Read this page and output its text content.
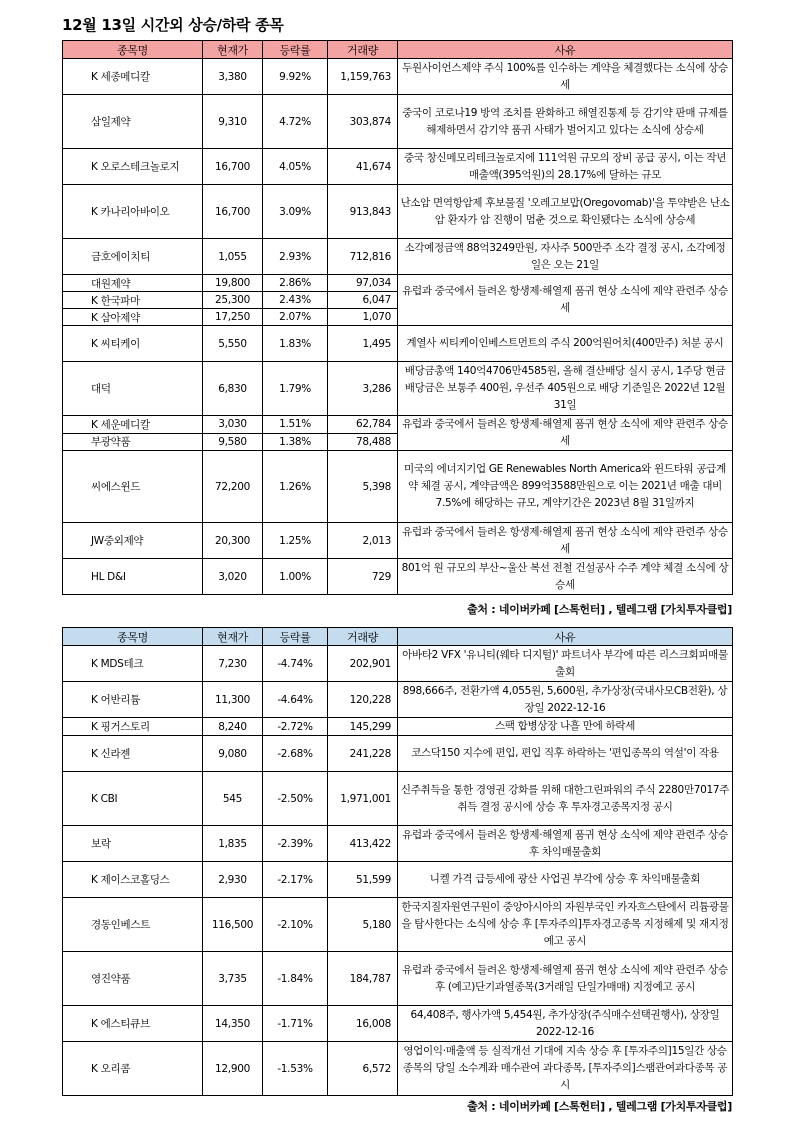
12월 13일 시간외 상승/하락 종목
종목명	현재가	등락률	거래량	사유
K 세종메디칼	3,380	9.92%	1,159,763	두원사이언스제약 주식 100%를 인수하는 계약을 체결했다는 소식에 상승세
삼일제약	9,310	4.72%	303,874	중국이 코로나19 방역 조치를 완화하고 해열진통제 등 감기약 판매 규제를 해제하면서 감기약 품귀 사태가 벌어지고 있다는 소식에 상승세
K 오로스테크놀로지	16,700	4.05%	41,674	중국 창신메모리테크놀로지에 111억원 규모의 장비 공급 공시, 이는 작년 매출액(395억원)의 28.17%에 달하는 규모
K 카나리아바이오	16,700	3.09%	913,843	난소암 면역항암제 후보물질 '오레고보맙(Oregovomab)'을 투약받은 난소암 환자가 암 진행이 멈춘 것으로 확인됐다는 소식에 상승세
금호에이치티	1,055	2.93%	712,816	소각예정금액 88억3249만원, 자사주 500만주 소각 결정 공시, 소각예정일은 오는 21일
대원제약	19,800	2.86%	97,034	유럽과 중국에서 들려온 항생제·해열제 품귀 현상 소식에 제약 관련주 상승세
K 한국파마	25,300	2.43%	6,047	
K 삼아제약	17,250	2.07%	1,070	
K 씨티케이	5,550	1.83%	1,495	계열사 씨티케이인베스트먼트의 주식 200억원어치(400만주) 처분 공시
대덕	6,830	1.79%	3,286	배당금총액 140억4706만4585원, 올해 결산배당 실시 공시, 1주당 현금 배당금은 보통주 400원, 우선주 405원으로 배당 기준일은 2022년 12월 31일
K 세운메디칼	3,030	1.51%	62,784	유럽과 중국에서 들려온 항생제·해열제 품귀 현상 소식에 제약 관련주 상승세
부광약품	9,580	1.38%	78,488	
씨에스윈드	72,200	1.26%	5,398	미국의 에너지기업 GE Renewables North America와 윈드타워 공급계약 체결 공시, 계약금액은 899억3588만원으로 이는 2021년 매출 대비 7.5%에 해당하는 규모, 계약기간은 2023년 8월 31일까지
JW중외제약	20,300	1.25%	2,013	유럽과 중국에서 들려온 항생제·해열제 품귀 현상 소식에 제약 관련주 상승세
HL D&I	3,020	1.00%	729	801억 원 규모의 부산~울산 복선 전철 건설공사 수주 계약 체결 소식에 상승세
출처 : 네이버카페 [스톡헌터] , 텔레그램 [가치투자클럽]
종목명	현재가	등락률	거래량	사유
K MDS테크	7,230	-4.74%	202,901	아바타2 VFX '유니티(웨타 디지털)' 파트너사 부각에 따른 리스크회피매물출회
K 어반리튬	11,300	-4.64%	120,228	898,666주, 전환가액 4,055원, 5,600원, 추가상장(국내사모CB전환), 상장일 2022-12-16
K 핑거스토리	8,240	-2.72%	145,299	스팩 합병상장 나흘 만에 하락세
K 신라젠	9,080	-2.68%	241,228	코스닥150 지수에 편입, 편입 직후 하락하는 '편입종목의 역설'이 작용
K CBI	545	-2.50%	1,971,001	신주취득을 통한 경영권 강화를 위해 대한그린파워의 주식 2280만7017주 취득 결정 공시에 상승 후 투자경고종목지정 공시
보락	1,835	-2.39%	413,422	유럽과 중국에서 들려온 항생제·해열제 품귀 현상 소식에 제약 관련주 상승 후 차익매물출회
K 제이스코홀딩스	2,930	-2.17%	51,599	니켈 가격 급등세에 광산 사업권 부각에 상승 후 차익매물출회
경동인베스트	116,500	-2.10%	5,180	한국지질자원연구원이 중앙아시아의 자원부국인 카자흐스탄에서 리튬광물을 탐사한다는 소식에 상승 후 [투자주의]투자경고종목 지정해제 및 재지정 예고 공시
영진약품	3,735	-1.84%	184,787	유럽과 중국에서 들려온 항생제·해열제 품귀 현상 소식에 제약 관련주 상승 후 (예고)단기과열종목(3거래일 단일가매매) 지정예고 공시
K 에스티큐브	14,350	-1.71%	16,008	64,408주, 행사가액 5,454원, 추가상장(주식매수선택권행사), 상장일 2022-12-16
K 오리콤	12,900	-1.53%	6,572	영업이익·매출액 등 실적개선 기대에 지속 상승 후 [투자주의]15일간 상승종목의 당일 소수계좌 매수관여 과다종목, [투자주의]스팸관여과다종목 공시
출처 : 네이버카페 [스톡헌터] , 텔레그램 [가치투자클럽]
